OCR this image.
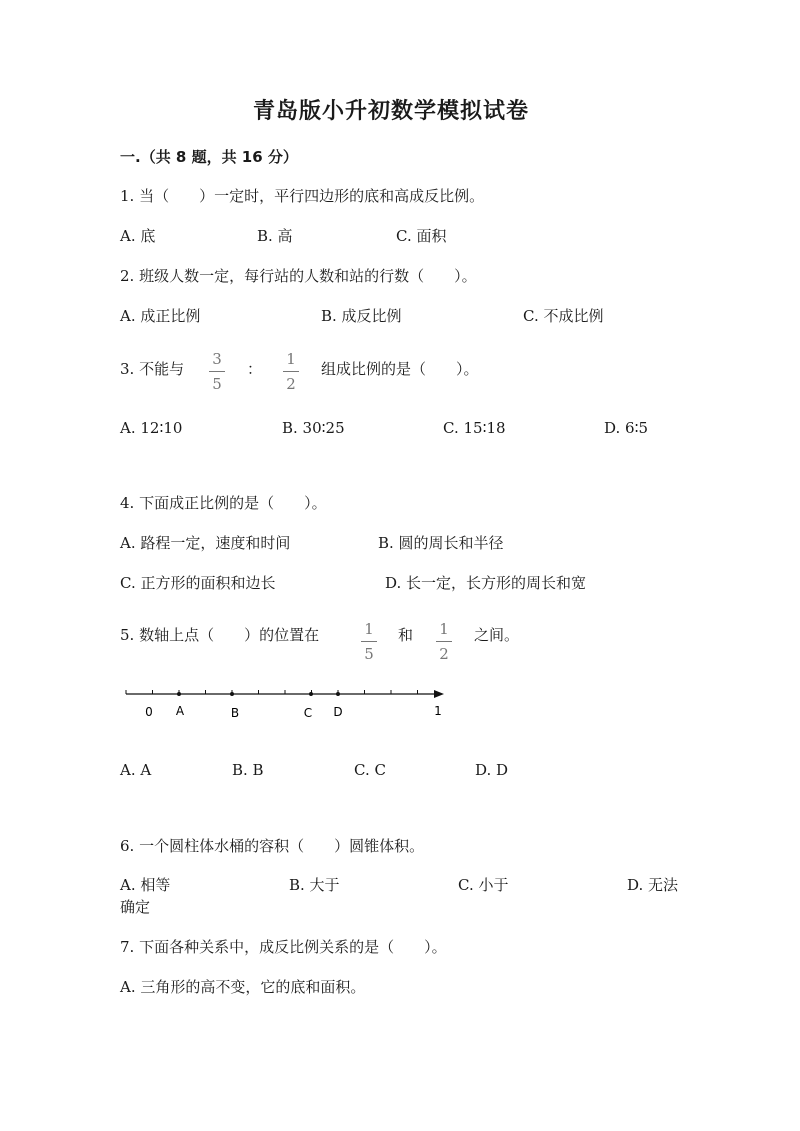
青岛版小升初数学模拟试卷
一.（共 8 题，共 16 分）
1. 当（　　）一定时，平行四边形的底和高成反比例。
A. 底	B. 高	C. 面积
2. 班级人数一定，每行站的人数和站的行数（　　）。
A. 成正比例	B. 成反比例	C. 不成比例
3. 不能与
3
5
：
1
2
组成比例的是（　　）。
A. 12∶10	B. 30∶25	C. 15∶18	D. 6∶5
4. 下面成正比例的是（　　）。
A. 路程一定，速度和时间	B. 圆的周长和半径
C. 正方形的面积和边长	D. 长一定，长方形的周长和宽
5. 数轴上点（　　）的位置在	1
5
和 1
2
之间。
0 A	B	C D	1
A. A	B. B	C. C	D. D
6. 一个圆柱体水桶的容积（　　）圆锥体积。
A. 相等	B. 大于	C. 小于	D. 无法
确定
7. 下面各种关系中，成反比例关系的是（　　）。
A. 三角形的高不变，它的底和面积。
